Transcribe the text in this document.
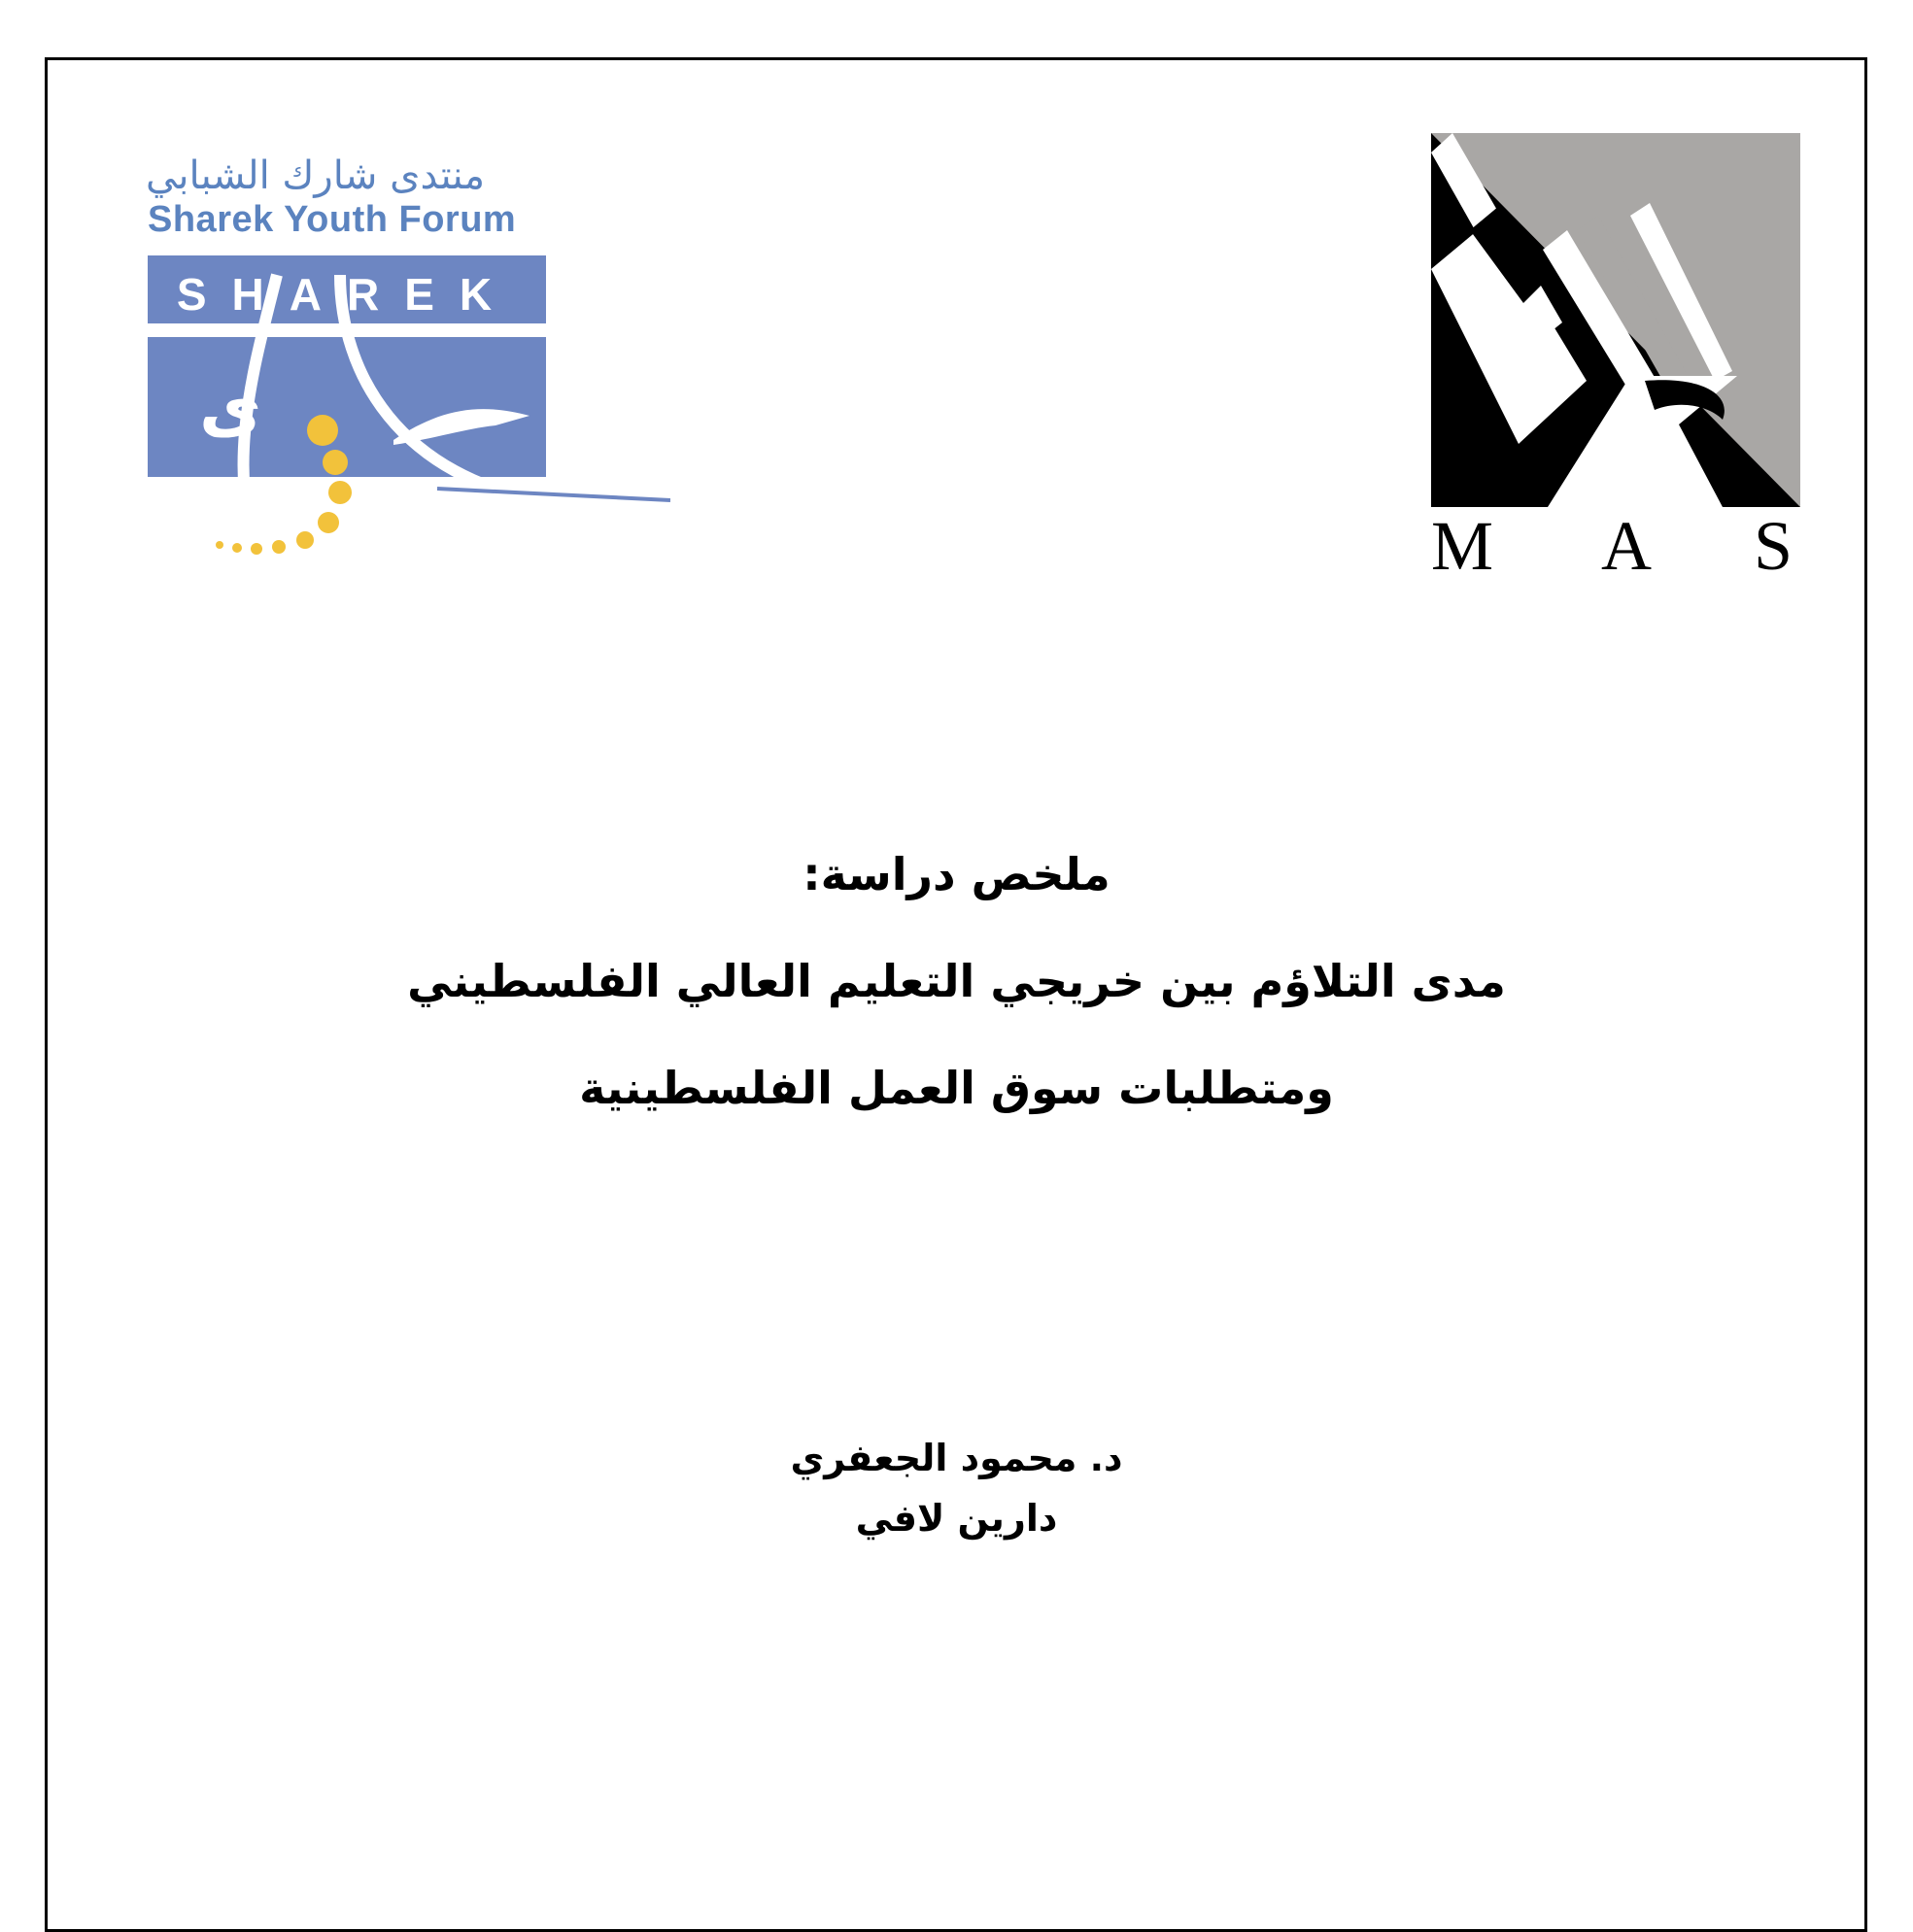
منتدى شارك الشبابي
Sharek Youth Forum
SHAREK
ى
M A S
ملخص دراسة:
مدى التلاؤم بين خريجي التعليم العالي الفلسطيني
ومتطلبات سوق العمل الفلسطينية
د. محمود الجعفري
دارين لافي
